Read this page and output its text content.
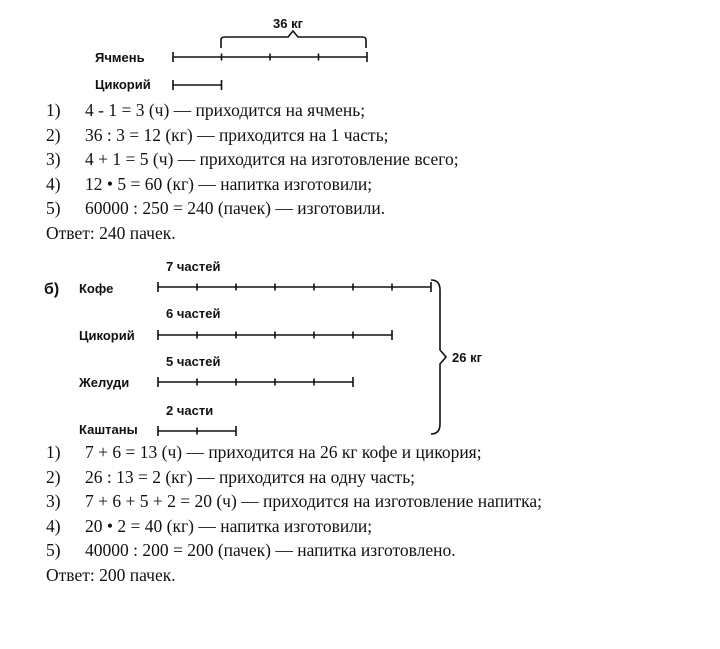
36 кг
Ячмень
Цикорий
б)
7 частей
Кофе
6 частей
Цикорий
5 частей
Желуди
2 части
Каштаны
26 кг
1)	4 - 1 = 3 (ч) — приходится на ячмень;
2)	36 : 3 = 12 (кг) — приходится на 1 часть;
3)	4 + 1 = 5 (ч) — приходится на изготовление всего;
4)	12 • 5 = 60 (кг) — напитка изготовили;
5)	60000 : 250 = 240 (пачек) — изготовили.
Ответ: 240 пачек.
1)	7 + 6 = 13 (ч) — приходится на 26 кг кофе и цикория;
2)	26 : 13 = 2 (кг) — приходится на одну часть;
3)	7 + 6 + 5 + 2 = 20 (ч) — приходится на изготовление напитка;
4)	20 • 2 = 40 (кг) — напитка изготовили;
5)	40000 : 200 = 200 (пачек) — напитка изготовлено.
Ответ: 200 пачек.
